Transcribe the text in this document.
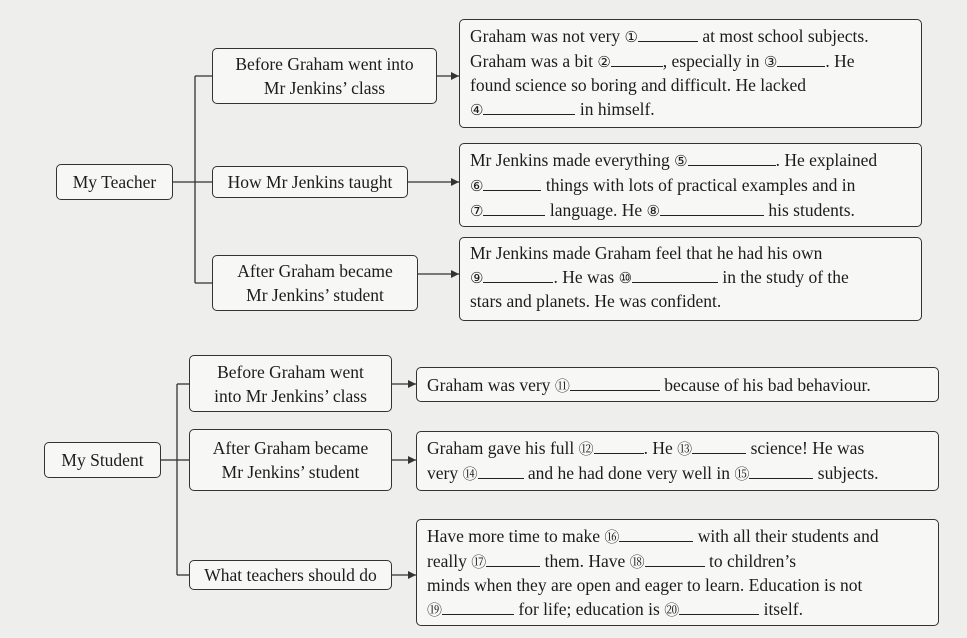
My Teacher
Before Graham went into
Mr Jenkins’ class
How Mr Jenkins taught
After Graham became
Mr Jenkins’ student
Graham was not very ①	at most school subjects.
Graham was a bit ②	, especially in ③	. He
found science so boring and difficult. He lacked
④	in himself.
Mr Jenkins made everything ⑤	. He explained
⑥	things with lots of practical examples and in
⑦	language. He ⑧	his students.
Mr Jenkins made Graham feel that he had his own
⑨	. He was ⑩	in the study of the
stars and planets. He was confident.
My Student
Before Graham went
into Mr Jenkins’ class
After Graham became
Mr Jenkins’ student
What teachers should do
Graham was very ⑪	because of his bad behaviour.
Graham gave his full ⑫	. He ⑬	science! He was
very ⑭	and he had done very well in ⑮	subjects.
Have more time to make ⑯	with all their students and
really ⑰	them. Have ⑱	to children’s
minds when they are open and eager to learn. Education is not
⑲	for life; education is ⑳	itself.
